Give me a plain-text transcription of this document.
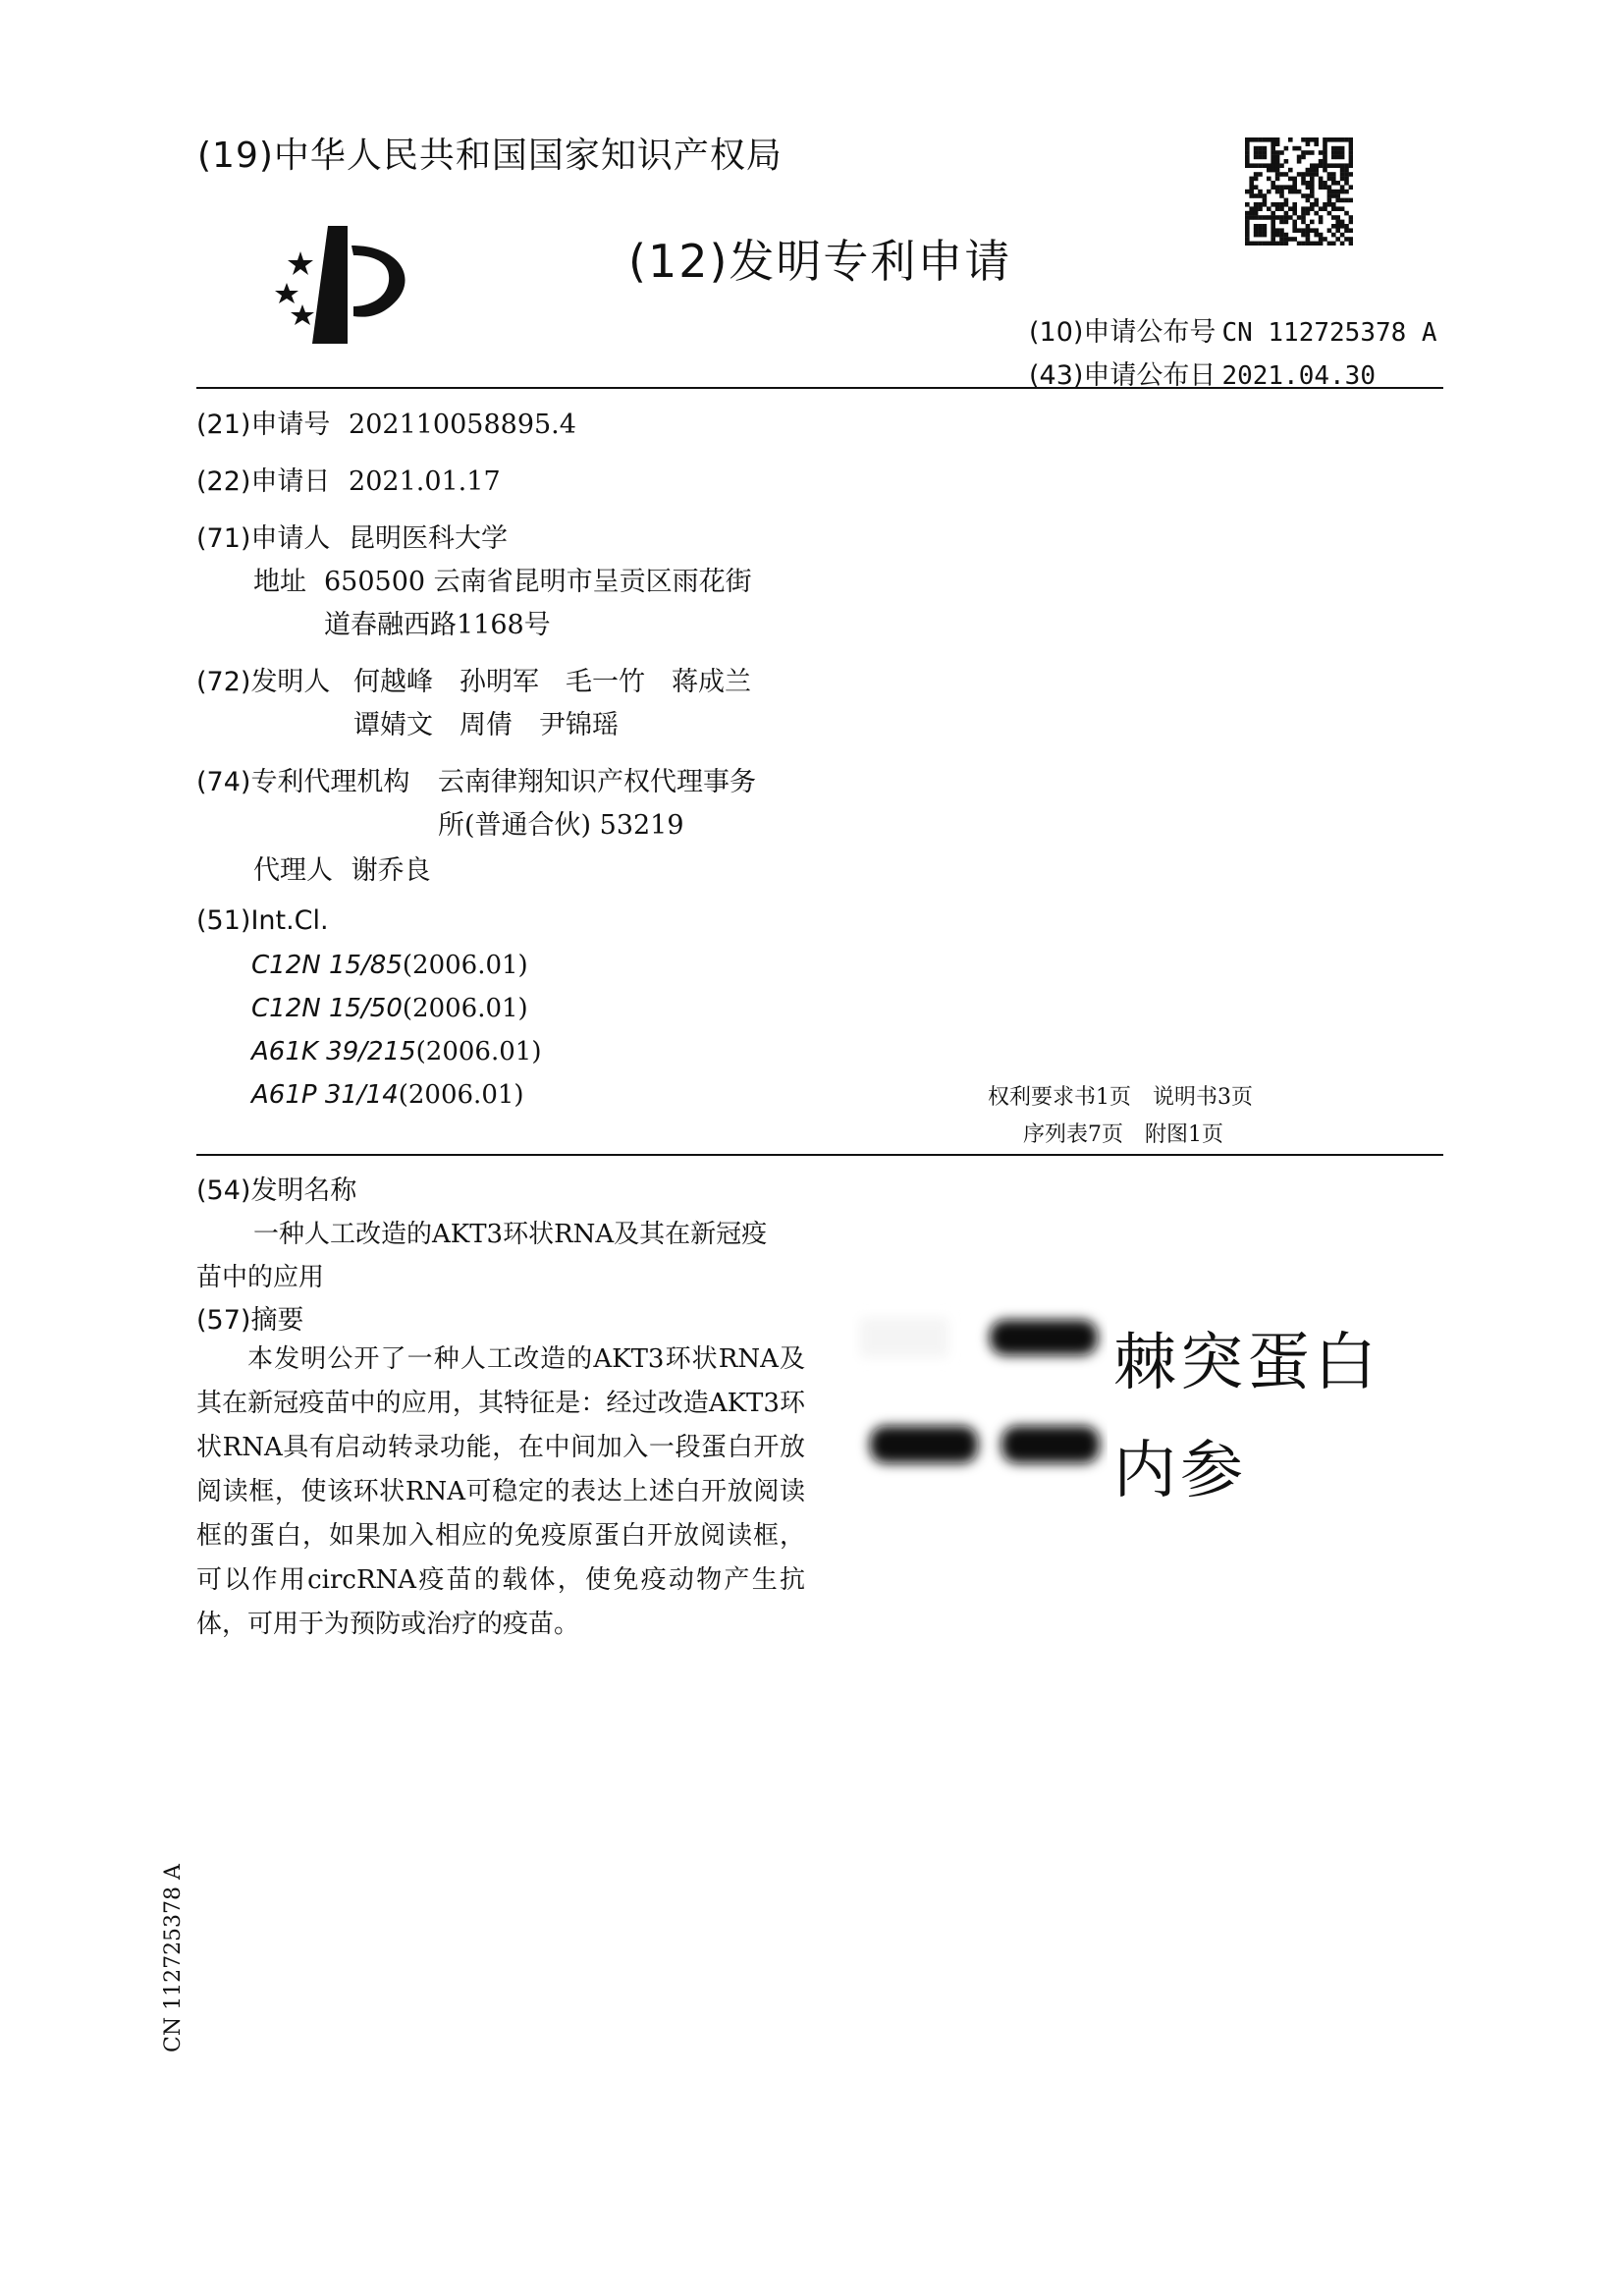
(19)中华人民共和国国家知识产权局
(12)发明专利申请
(10)申请公布号 CN 112725378 A
(43)申请公布日 2021.04.30
(21)申请号 202110058895.4
(22)申请日 2021.01.17
(71)申请人 昆明医科大学
地址 650500 云南省昆明市呈贡区雨花街
道春融西路1168号
(72)发明人 何越峰　孙明军　毛一竹　蒋成兰
谭婧文　周倩　尹锦瑶
(74)专利代理机构 云南律翔知识产权代理事务
所(普通合伙) 53219
代理人 谢乔良
(51)Int.Cl.
C12N 15/85(2006.01)
C12N 15/50(2006.01)
A61K 39/215(2006.01)
A61P 31/14(2006.01)	权利要求书1页　说明书3页
序列表7页　附图1页
(54)发明名称
一种人工改造的AKT3环状RNA及其在新冠疫
苗中的应用
(57)摘要
本发明公开了一种人工改造的AKT3环状RNA及其在新冠疫苗中的应用，其特征是：经过改造AKT3环状RNA具有启动转录功能，在中间加入一段蛋白开放阅读框，使该环状RNA可稳定的表达上述白开放阅读框的蛋白，如果加入相应的免疫原蛋白开放阅读框，可以作用circRNA疫苗的载体，使免疫动物产生抗体，可用于为预防或治疗的疫苗。
棘突蛋白
内参
CN 112725378 A
